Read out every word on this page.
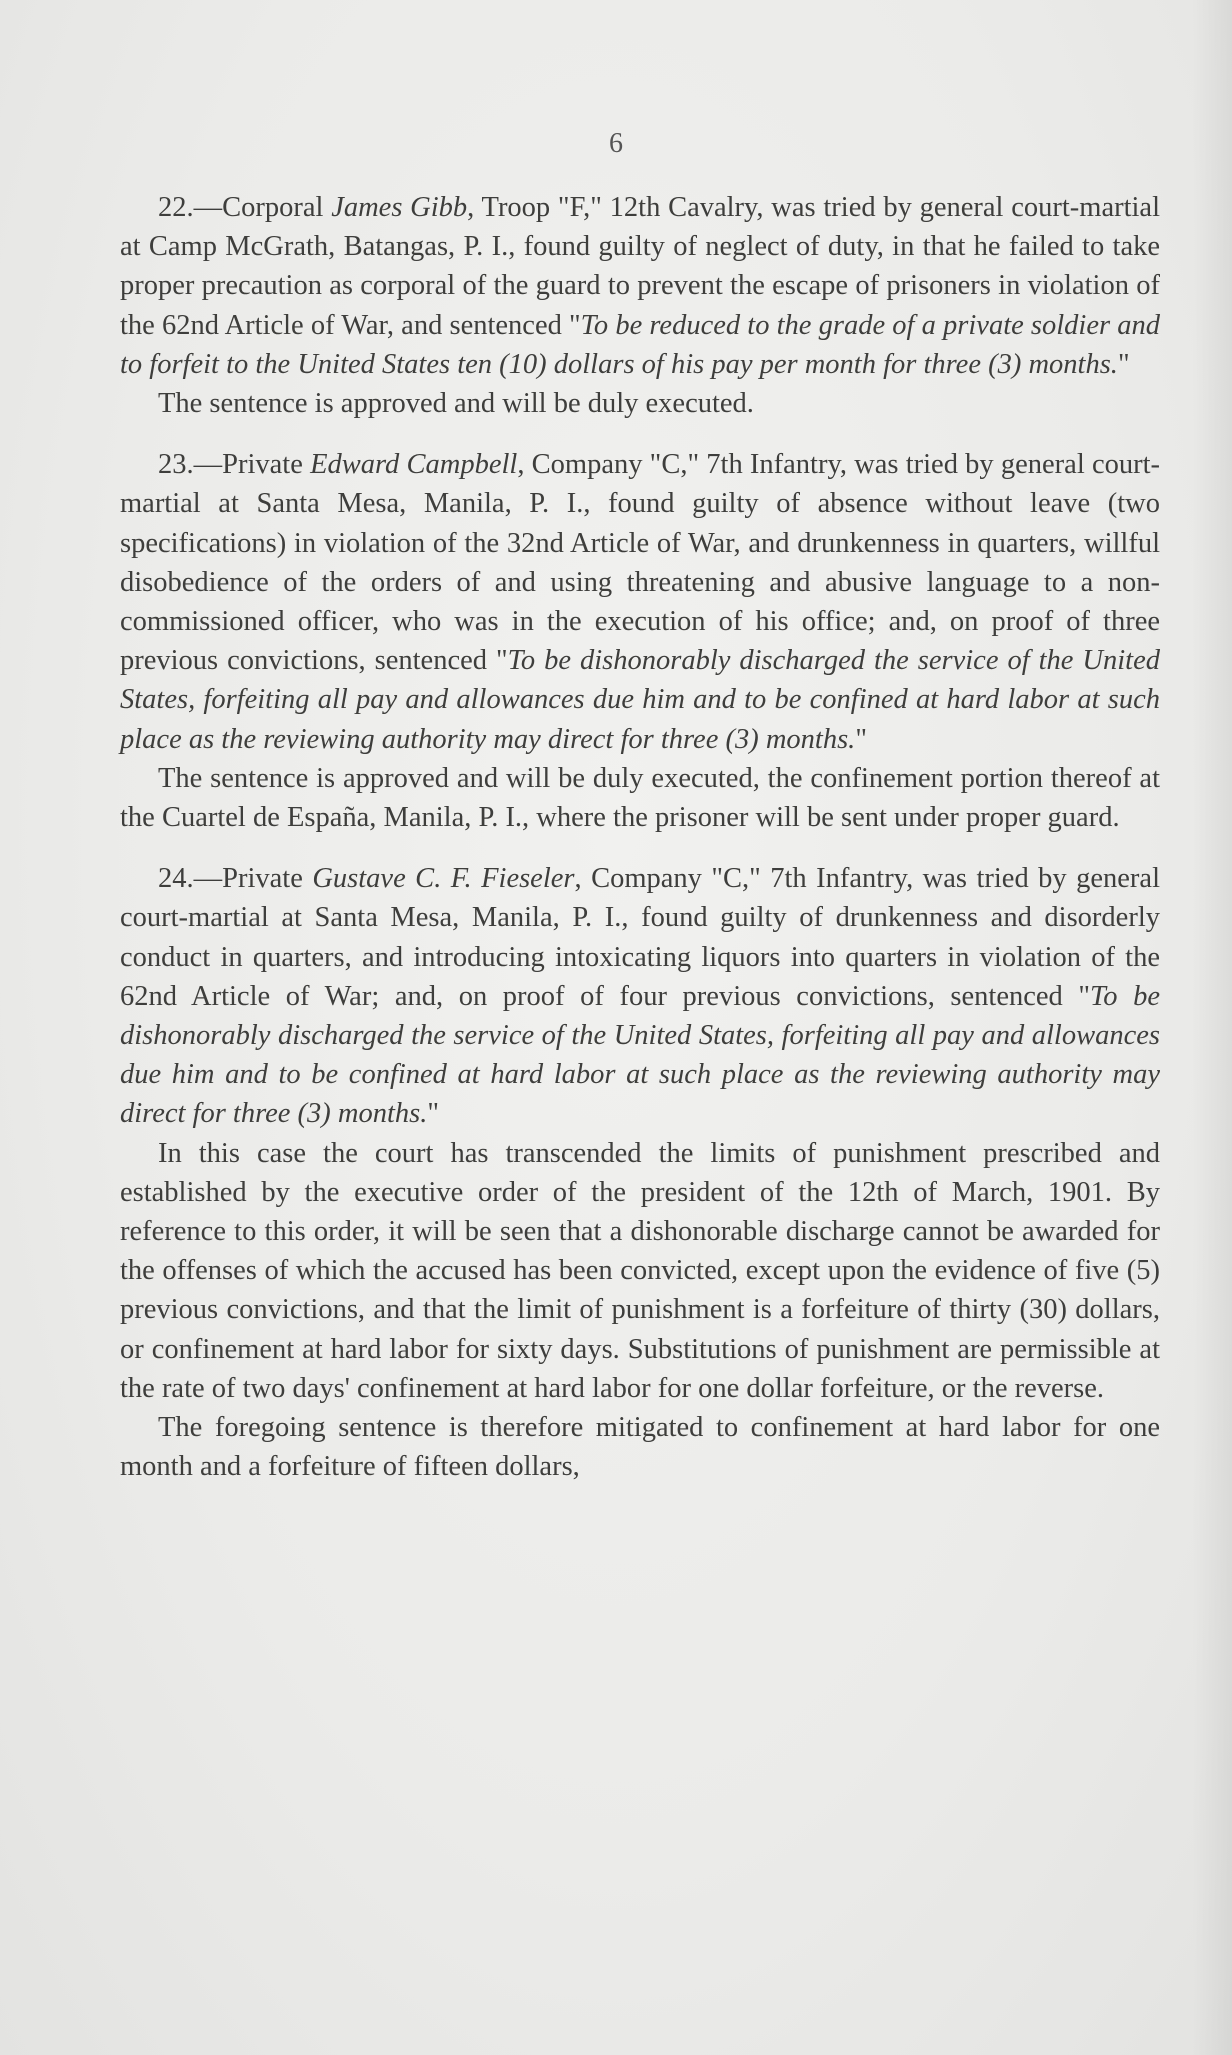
6

22.—Corporal James Gibb, Troop "F," 12th Cavalry, was tried by general court-martial at Camp McGrath, Batangas, P. I., found guilty of neglect of duty, in that he failed to take proper precaution as corporal of the guard to prevent the escape of prisoners in violation of the 62nd Article of War, and sentenced "To be reduced to the grade of a private soldier and to forfeit to the United States ten (10) dollars of his pay per month for three (3) months."

The sentence is approved and will be duly executed.

23.—Private Edward Campbell, Company "C," 7th Infantry, was tried by general court-martial at Santa Mesa, Manila, P. I., found guilty of absence without leave (two specifications) in violation of the 32nd Article of War, and drunkenness in quarters, willful disobedience of the orders of and using threatening and abusive language to a non-commissioned officer, who was in the execution of his office; and, on proof of three previous convictions, sentenced "To be dishonorably discharged the service of the United States, forfeiting all pay and allowances due him and to be confined at hard labor at such place as the reviewing authority may direct for three (3) months."

The sentence is approved and will be duly executed, the confinement portion thereof at the Cuartel de España, Manila, P. I., where the prisoner will be sent under proper guard.

24.—Private Gustave C. F. Fieseler, Company "C," 7th Infantry, was tried by general court-martial at Santa Mesa, Manila, P. I., found guilty of drunkenness and disorderly conduct in quarters, and introducing intoxicating liquors into quarters in violation of the 62nd Article of War; and, on proof of four previous convictions, sentenced "To be dishonorably discharged the service of the United States, forfeiting all pay and allowances due him and to be confined at hard labor at such place as the reviewing authority may direct for three (3) months."

In this case the court has transcended the limits of punishment prescribed and established by the executive order of the president of the 12th of March, 1901. By reference to this order, it will be seen that a dishonorable discharge cannot be awarded for the offenses of which the accused has been convicted, except upon the evidence of five (5) previous convictions, and that the limit of punishment is a forfeiture of thirty (30) dollars, or confinement at hard labor for sixty days. Substitutions of punishment are permissible at the rate of two days' confinement at hard labor for one dollar forfeiture, or the reverse.

The foregoing sentence is therefore mitigated to confinement at hard labor for one month and a forfeiture of fifteen dollars,
